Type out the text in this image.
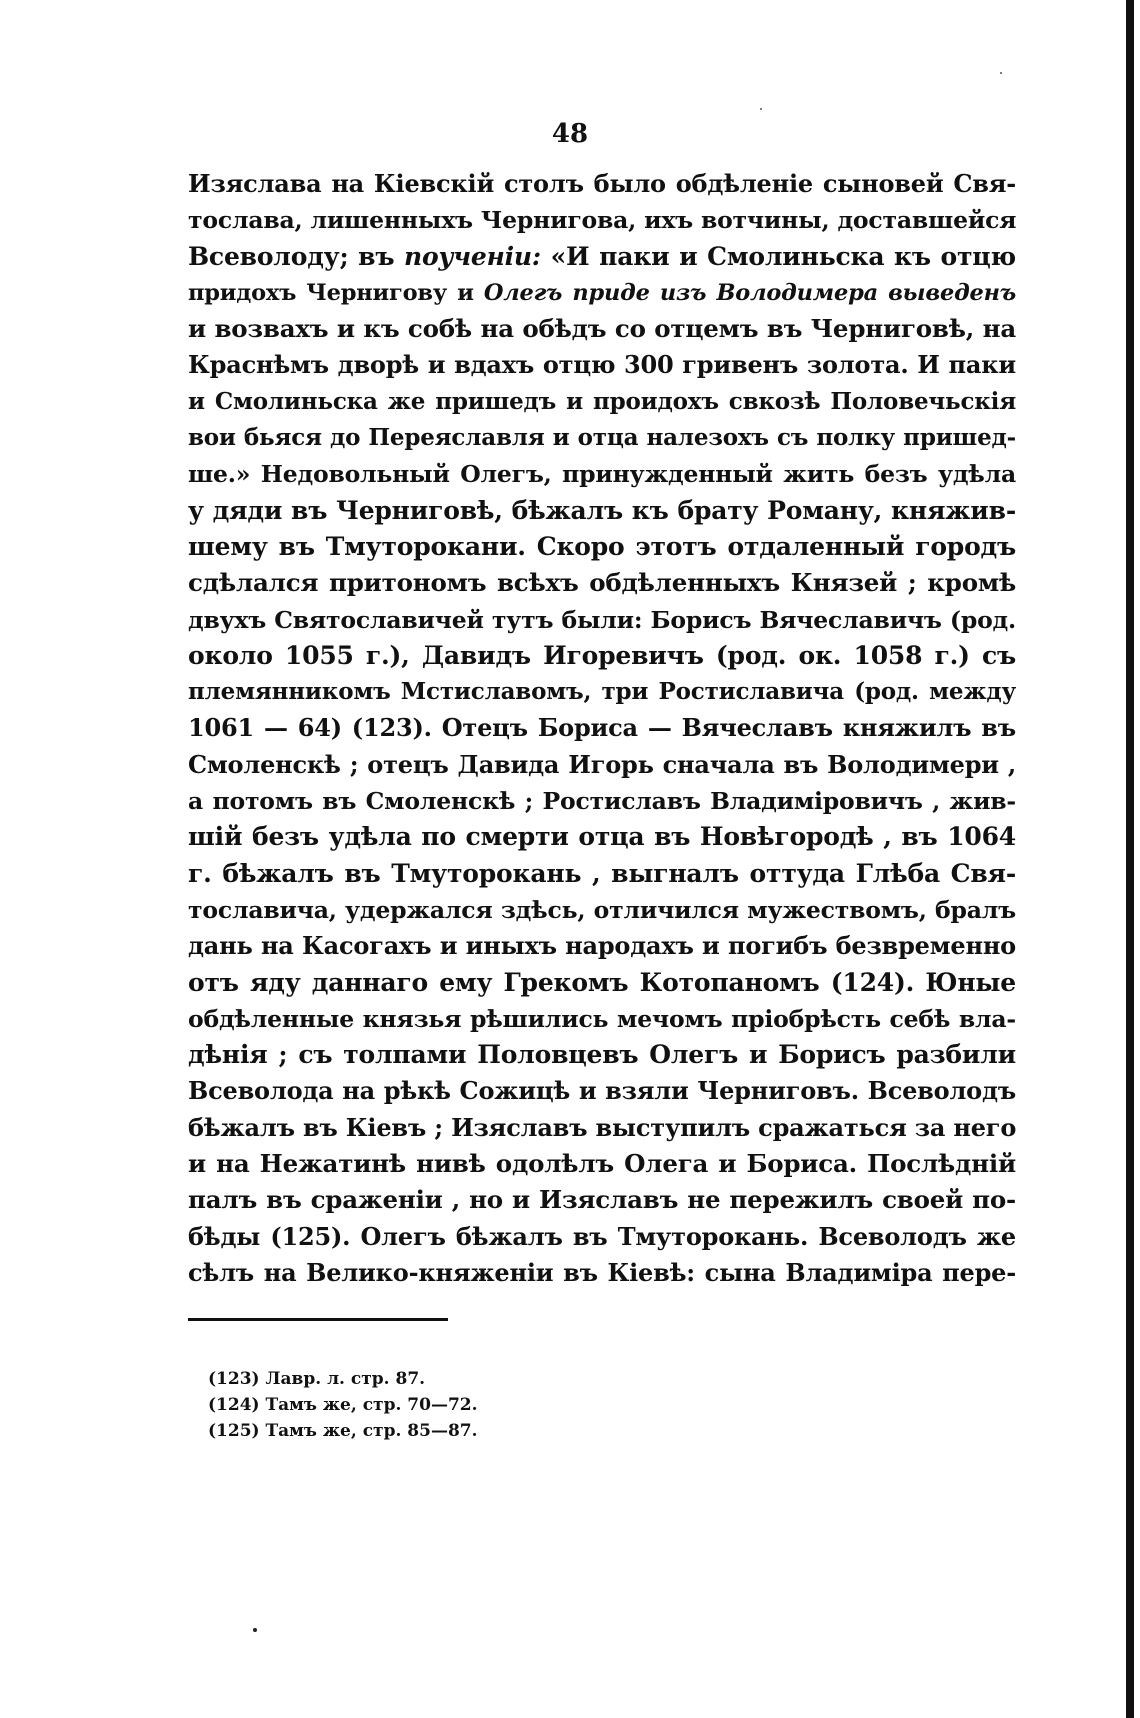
48
Изяслава на Кіевскій столъ было обдѣленіе сыновей Свя-
тослава, лишенныхъ Чернигова, ихъ вотчины, доставшейся
Всеволоду; въ поученіи: «И паки и Смолиньска къ отцю
придохъ Чернигову и Олегъ приде изъ Володимера выведенъ
и возвахъ и къ собѣ на обѣдъ со отцемъ въ Черниговѣ, на
Краснѣмъ дворѣ и вдахъ отцю 300 гривенъ золота. И паки
и Смолиньска же пришедъ и проидохъ свкозѣ Половечьскія
вои бьяся до Переяславля и отца налезохъ съ полку пришед-
ше.» Недовольный Олегъ, принужденный жить безъ удѣла
у дяди въ Черниговѣ, бѣжалъ къ брату Роману, княжив-
шему въ Тмуторокани. Скоро этотъ отдаленный городъ
сдѣлался притономъ всѣхъ обдѣленныхъ Князей ; кромѣ
двухъ Святославичей тутъ были: Борисъ Вячеславичъ (род.
около 1055 г.), Давидъ Игоревичъ (род. ок. 1058 г.) съ
племянникомъ Мстиславомъ, три Ростиславича (род. между
1061 — 64) (123). Отецъ Бориса — Вячеславъ княжилъ въ
Смоленскѣ ; отецъ Давида Игорь сначала въ Володимери ,
а потомъ въ Смоленскѣ ; Ростиславъ Владиміровичъ , жив-
шій безъ удѣла по смерти отца въ Новѣгородѣ , въ 1064
г. бѣжалъ въ Тмуторокань , выгналъ оттуда Глѣба Свя-
тославича, удержался здѣсь, отличился мужествомъ, бралъ
дань на Касогахъ и иныхъ народахъ и погибъ безвременно
отъ яду даннаго ему Грекомъ Котопаномъ (124). Юные
обдѣленные князья рѣшились мечомъ пріобрѣсть себѣ вла-
дѣнія ; съ толпами Половцевъ Олегъ и Борисъ разбили
Всеволода на рѣкѣ Сожицѣ и взяли Черниговъ. Всеволодъ
бѣжалъ въ Кіевъ ; Изяславъ выступилъ сражаться за него
и на Нежатинѣ нивѣ одолѣлъ Олега и Бориса. Послѣдній
палъ въ сраженіи , но и Изяславъ не пережилъ своей по-
бѣды (125). Олегъ бѣжалъ въ Тмуторокань. Всеволодъ же
сѣлъ на Велико-княженіи въ Кіевѣ: сына Владиміра пере-
(123) Лавр. л. стр. 87.
(124) Тамъ же, стр. 70—72.
(125) Тамъ же, стр. 85—87.
